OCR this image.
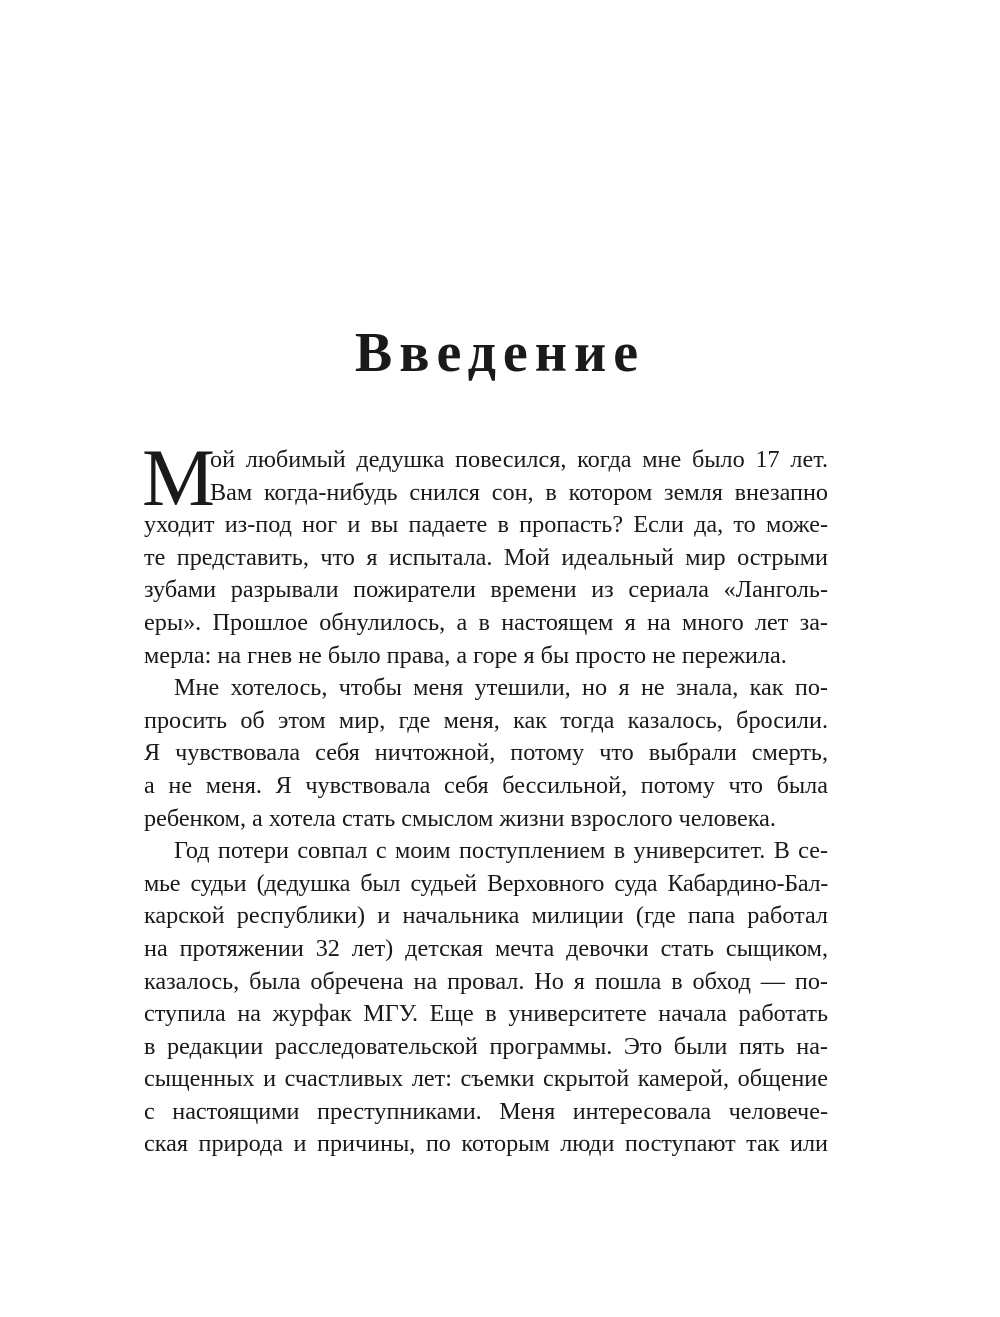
Введение
М
ой любимый дедушка повесился, когда мне было 17 лет.
Вам когда-нибудь снился сон, в котором земля внезапно
уходит из-под ног и вы падаете в пропасть? Если да, то може-
те представить, что я испытала. Мой идеальный мир острыми
зубами разрывали пожиратели времени из сериала «Ланголь-
еры». Прошлое обнулилось, а в настоящем я на много лет за-
мерла: на гнев не было права, а горе я бы просто не пережила.
Мне хотелось, чтобы меня утешили, но я не знала, как по-
просить об этом мир, где меня, как тогда казалось, бросили.
Я чувствовала себя ничтожной, потому что выбрали смерть,
а не меня. Я чувствовала себя бессильной, потому что была
ребенком, а хотела стать смыслом жизни взрослого человека.
Год потери совпал с моим поступлением в университет. В се-
мье судьи (дедушка был судьей Верховного суда Кабардино-Бал-
карской республики) и начальника милиции (где папа работал
на протяжении 32 лет) детская мечта девочки стать сыщиком,
казалось, была обречена на провал. Но я пошла в обход — по-
ступила на журфак МГУ. Еще в университете начала работать
в редакции расследовательской программы. Это были пять на-
сыщенных и счастливых лет: съемки скрытой камерой, общение
с настоящими преступниками. Меня интересовала человече-
ская природа и причины, по которым люди поступают так или
